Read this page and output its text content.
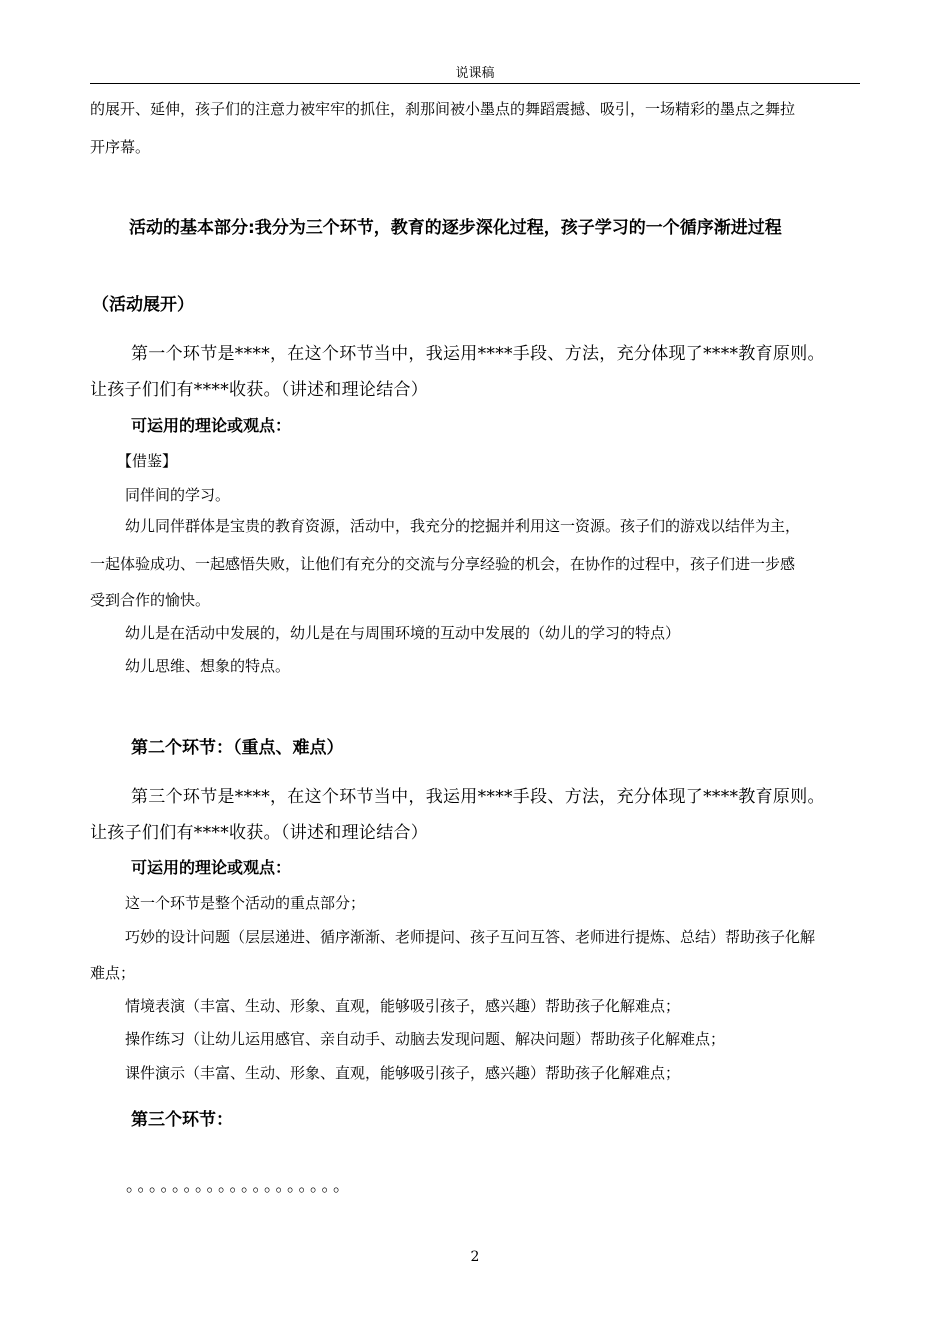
说课稿
的展开、延伸，孩子们的注意力被牢牢的抓住，刹那间被小墨点的舞蹈震撼、吸引，一场精彩的墨点之舞拉
开序幕。
活动的基本部分:我分为三个环节，教育的逐步深化过程，孩子学习的一个循序渐进过程
（活动展开）
第一个环节是****，在这个环节当中，我运用****手段、方法，充分体现了****教育原则。
让孩子们们有****收获。（讲述和理论结合）
可运用的理论或观点：
【借鉴】
同伴间的学习。
幼儿同伴群体是宝贵的教育资源，活动中，我充分的挖掘并利用这一资源。孩子们的游戏以结伴为主，
一起体验成功、一起感悟失败，让他们有充分的交流与分享经验的机会，在协作的过程中，孩子们进一步感
受到合作的愉快。
幼儿是在活动中发展的，幼儿是在与周围环境的互动中发展的（幼儿的学习的特点）
幼儿思维、想象的特点。
第二个环节：（重点、难点）
第三个环节是****，在这个环节当中，我运用****手段、方法，充分体现了****教育原则。
让孩子们们有****收获。（讲述和理论结合）
可运用的理论或观点：
这一个环节是整个活动的重点部分；
巧妙的设计问题（层层递进、循序渐渐、老师提问、孩子互问互答、老师进行提炼、总结）帮助孩子化解
难点；
情境表演（丰富、生动、形象、直观，能够吸引孩子，感兴趣）帮助孩子化解难点；
操作练习（让幼儿运用感官、亲自动手、动脑去发现问题、解决问题）帮助孩子化解难点；
课件演示（丰富、生动、形象、直观，能够吸引孩子，感兴趣）帮助孩子化解难点；
第三个环节：
。。。。。。。。。。。。。。。。。。。
2
